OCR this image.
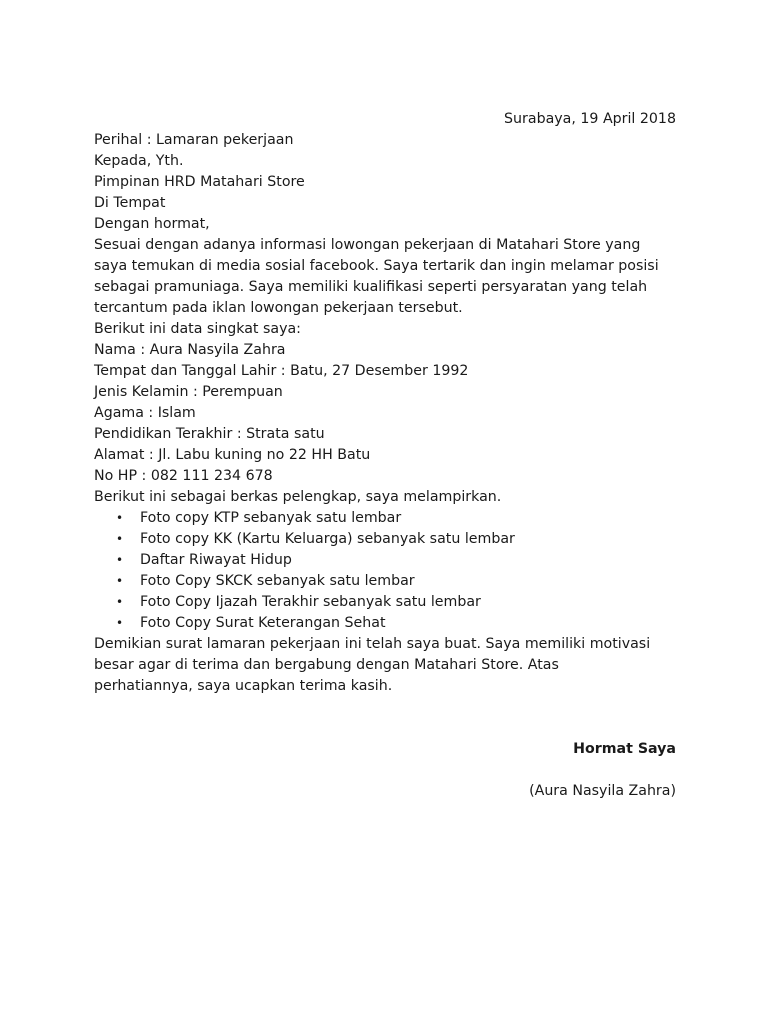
Surabaya, 19 April 2018

Perihal : Lamaran pekerjaan

Kepada, Yth.

Pimpinan HRD Matahari Store

Di Tempat

Dengan hormat,

Sesuai dengan adanya informasi lowongan pekerjaan di Matahari Store yang

saya temukan di media sosial facebook. Saya tertarik dan ingin melamar posisi

sebagai pramuniaga. Saya memiliki kualifikasi seperti persyaratan yang telah

tercantum pada iklan lowongan pekerjaan tersebut.

Berikut ini data singkat saya:

Nama : Aura Nasyila Zahra

Tempat dan Tanggal Lahir : Batu, 27 Desember 1992

Jenis Kelamin : Perempuan

Agama : Islam

Pendidikan Terakhir : Strata satu

Alamat : Jl. Labu kuning no 22 HH Batu

No HP : 082 111 234 678

Berikut ini sebagai berkas pelengkap, saya melampirkan.

• Foto copy KTP sebanyak satu lembar
• Foto copy KK (Kartu Keluarga) sebanyak satu lembar
• Daftar Riwayat Hidup
• Foto Copy SKCK sebanyak satu lembar
• Foto Copy Ijazah Terakhir sebanyak satu lembar
• Foto Copy Surat Keterangan Sehat

Demikian surat lamaran pekerjaan ini telah saya buat. Saya memiliki motivasi

besar agar di terima dan bergabung dengan Matahari Store. Atas

perhatiannya, saya ucapkan terima kasih.

Hormat Saya

(Aura Nasyila Zahra)
